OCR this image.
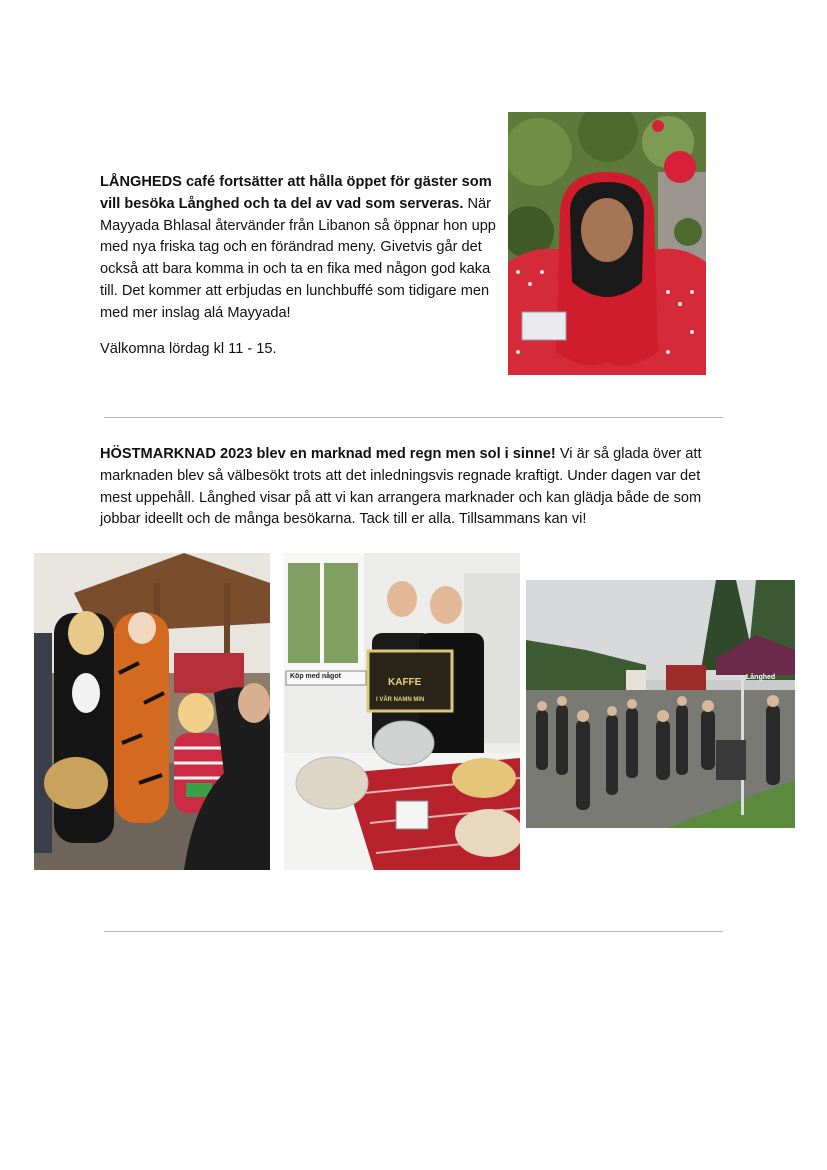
LÅNGHEDS café fortsätter att hålla öppet för gäster som vill besöka Långhed och ta del av vad som serveras. När Mayyada Bhlasal återvänder från Libanon så öppnar hon upp med nya friska tag och en förändrad meny. Givetvis går det också att bara komma in och ta en fika med någon god kaka till. Det kommer att erbjudas en lunchbuffé som tidigare men med mer inslag alá Mayyada!

Välkomna lördag kl 11 - 15.

HÖSTMARKNAD 2023 blev en marknad med regn men sol i sinne! Vi är så glada över att marknaden blev så välbesökt trots att det inledningsvis regnade kraftigt. Under dagen var det mest uppehåll. Långhed visar på att vi kan arrangera marknader och kan glädja både de som jobbar ideellt och de många besökarna. Tack till er alla. Tillsammans kan vi!

KAFFE
I VÅR NAMN MIN
Köp med något	Långhed
